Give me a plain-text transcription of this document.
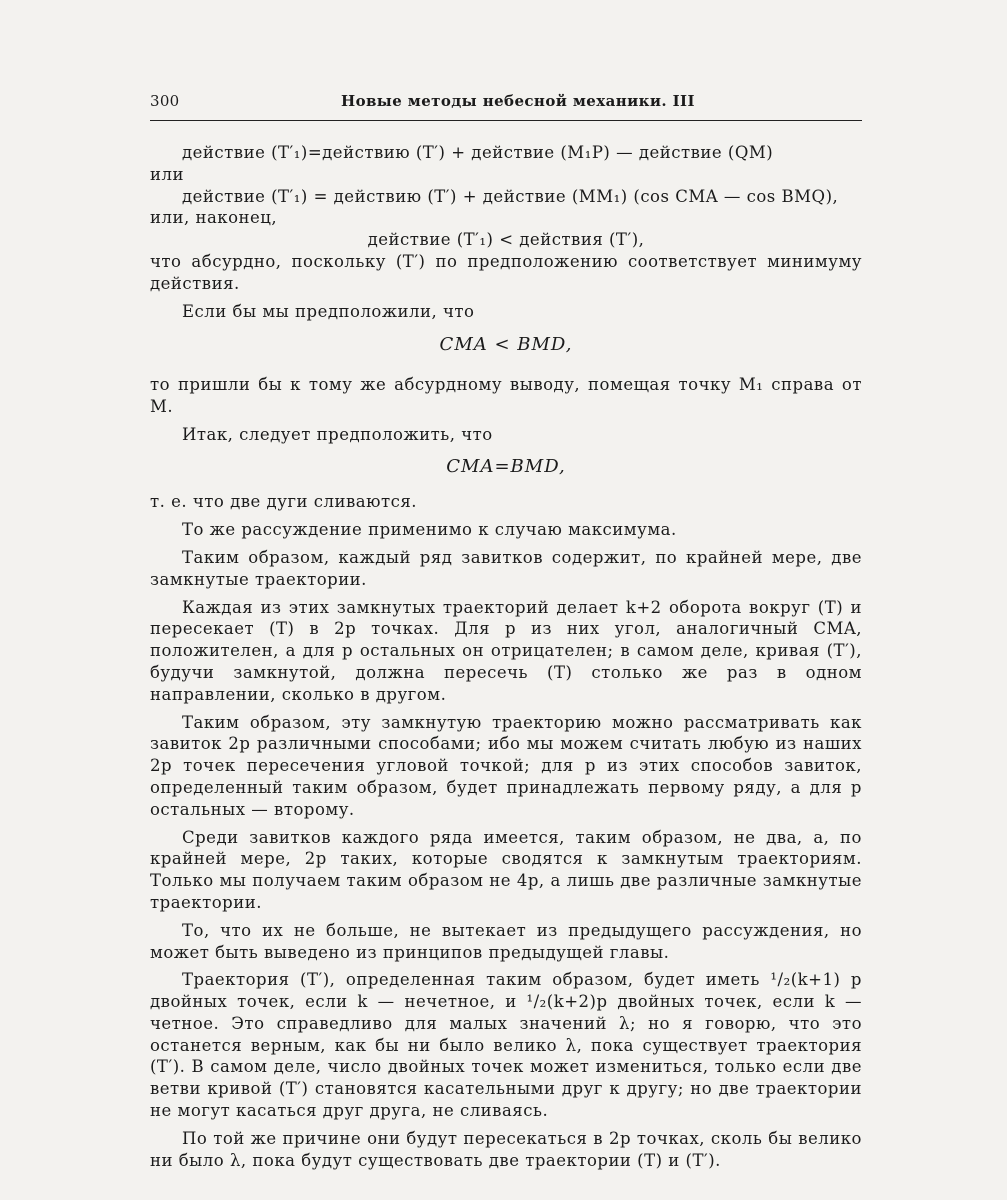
300	Новые методы небесной механики. III

действие (T′₁)=действию (T′) + действие (M₁P) — действие (QM)

или

действие (T′₁) = действию (T′) + действие (MM₁) (cos CMA — cos BMQ),

или, наконец,

действие (T′₁) < действия (T′),

что абсурдно, поскольку (T′) по предположению соответствует минимуму действия.

Если бы мы предположили, что

CMA < BMD,

то пришли бы к тому же абсурдному выводу, помещая точку M₁ справа от M.

Итак, следует предположить, что

CMA=BMD,

т. е. что две дуги сливаются.

То же рассуждение применимо к случаю максимума.

Таким образом, каждый ряд завитков содержит, по крайней мере, две замкнутые траектории.

Каждая из этих замкнутых траекторий делает k+2 оборота вокруг (T) и пересекает (T) в 2p точках. Для p из них угол, аналогичный CMA, положителен, а для p остальных он отрицателен; в самом деле, кривая (T′), будучи замкнутой, должна пересечь (T) столько же раз в одном направлении, сколько в другом.

Таким образом, эту замкнутую траекторию можно рассматривать как завиток 2p различными способами; ибо мы можем считать любую из наших 2p точек пересечения угловой точкой; для p из этих способов завиток, определенный таким образом, будет принадлежать первому ряду, а для p остальных — второму.

Среди завитков каждого ряда имеется, таким образом, не два, а, по крайней мере, 2p таких, которые сводятся к замкнутым траекториям. Только мы получаем таким образом не 4p, а лишь две различные замкнутые траектории.

То, что их не больше, не вытекает из предыдущего рассуждения, но может быть выведено из принципов предыдущей главы.

Траектория (T′), определенная таким образом, будет иметь ¹/₂(k+1) p двойных точек, если k — нечетное, и ¹/₂(k+2)p двойных точек, если k — четное. Это справедливо для малых значений λ; но я говорю, что это останется верным, как бы ни было велико λ, пока существует траектория (T′). В самом деле, число двойных точек может измениться, только если две ветви кривой (T′) становятся касательными друг к другу; но две траектории не могут касаться друг друга, не сливаясь.

По той же причине они будут пересекаться в 2p точках, сколь бы велико ни было λ, пока будут существовать две траектории (T) и (T′).
